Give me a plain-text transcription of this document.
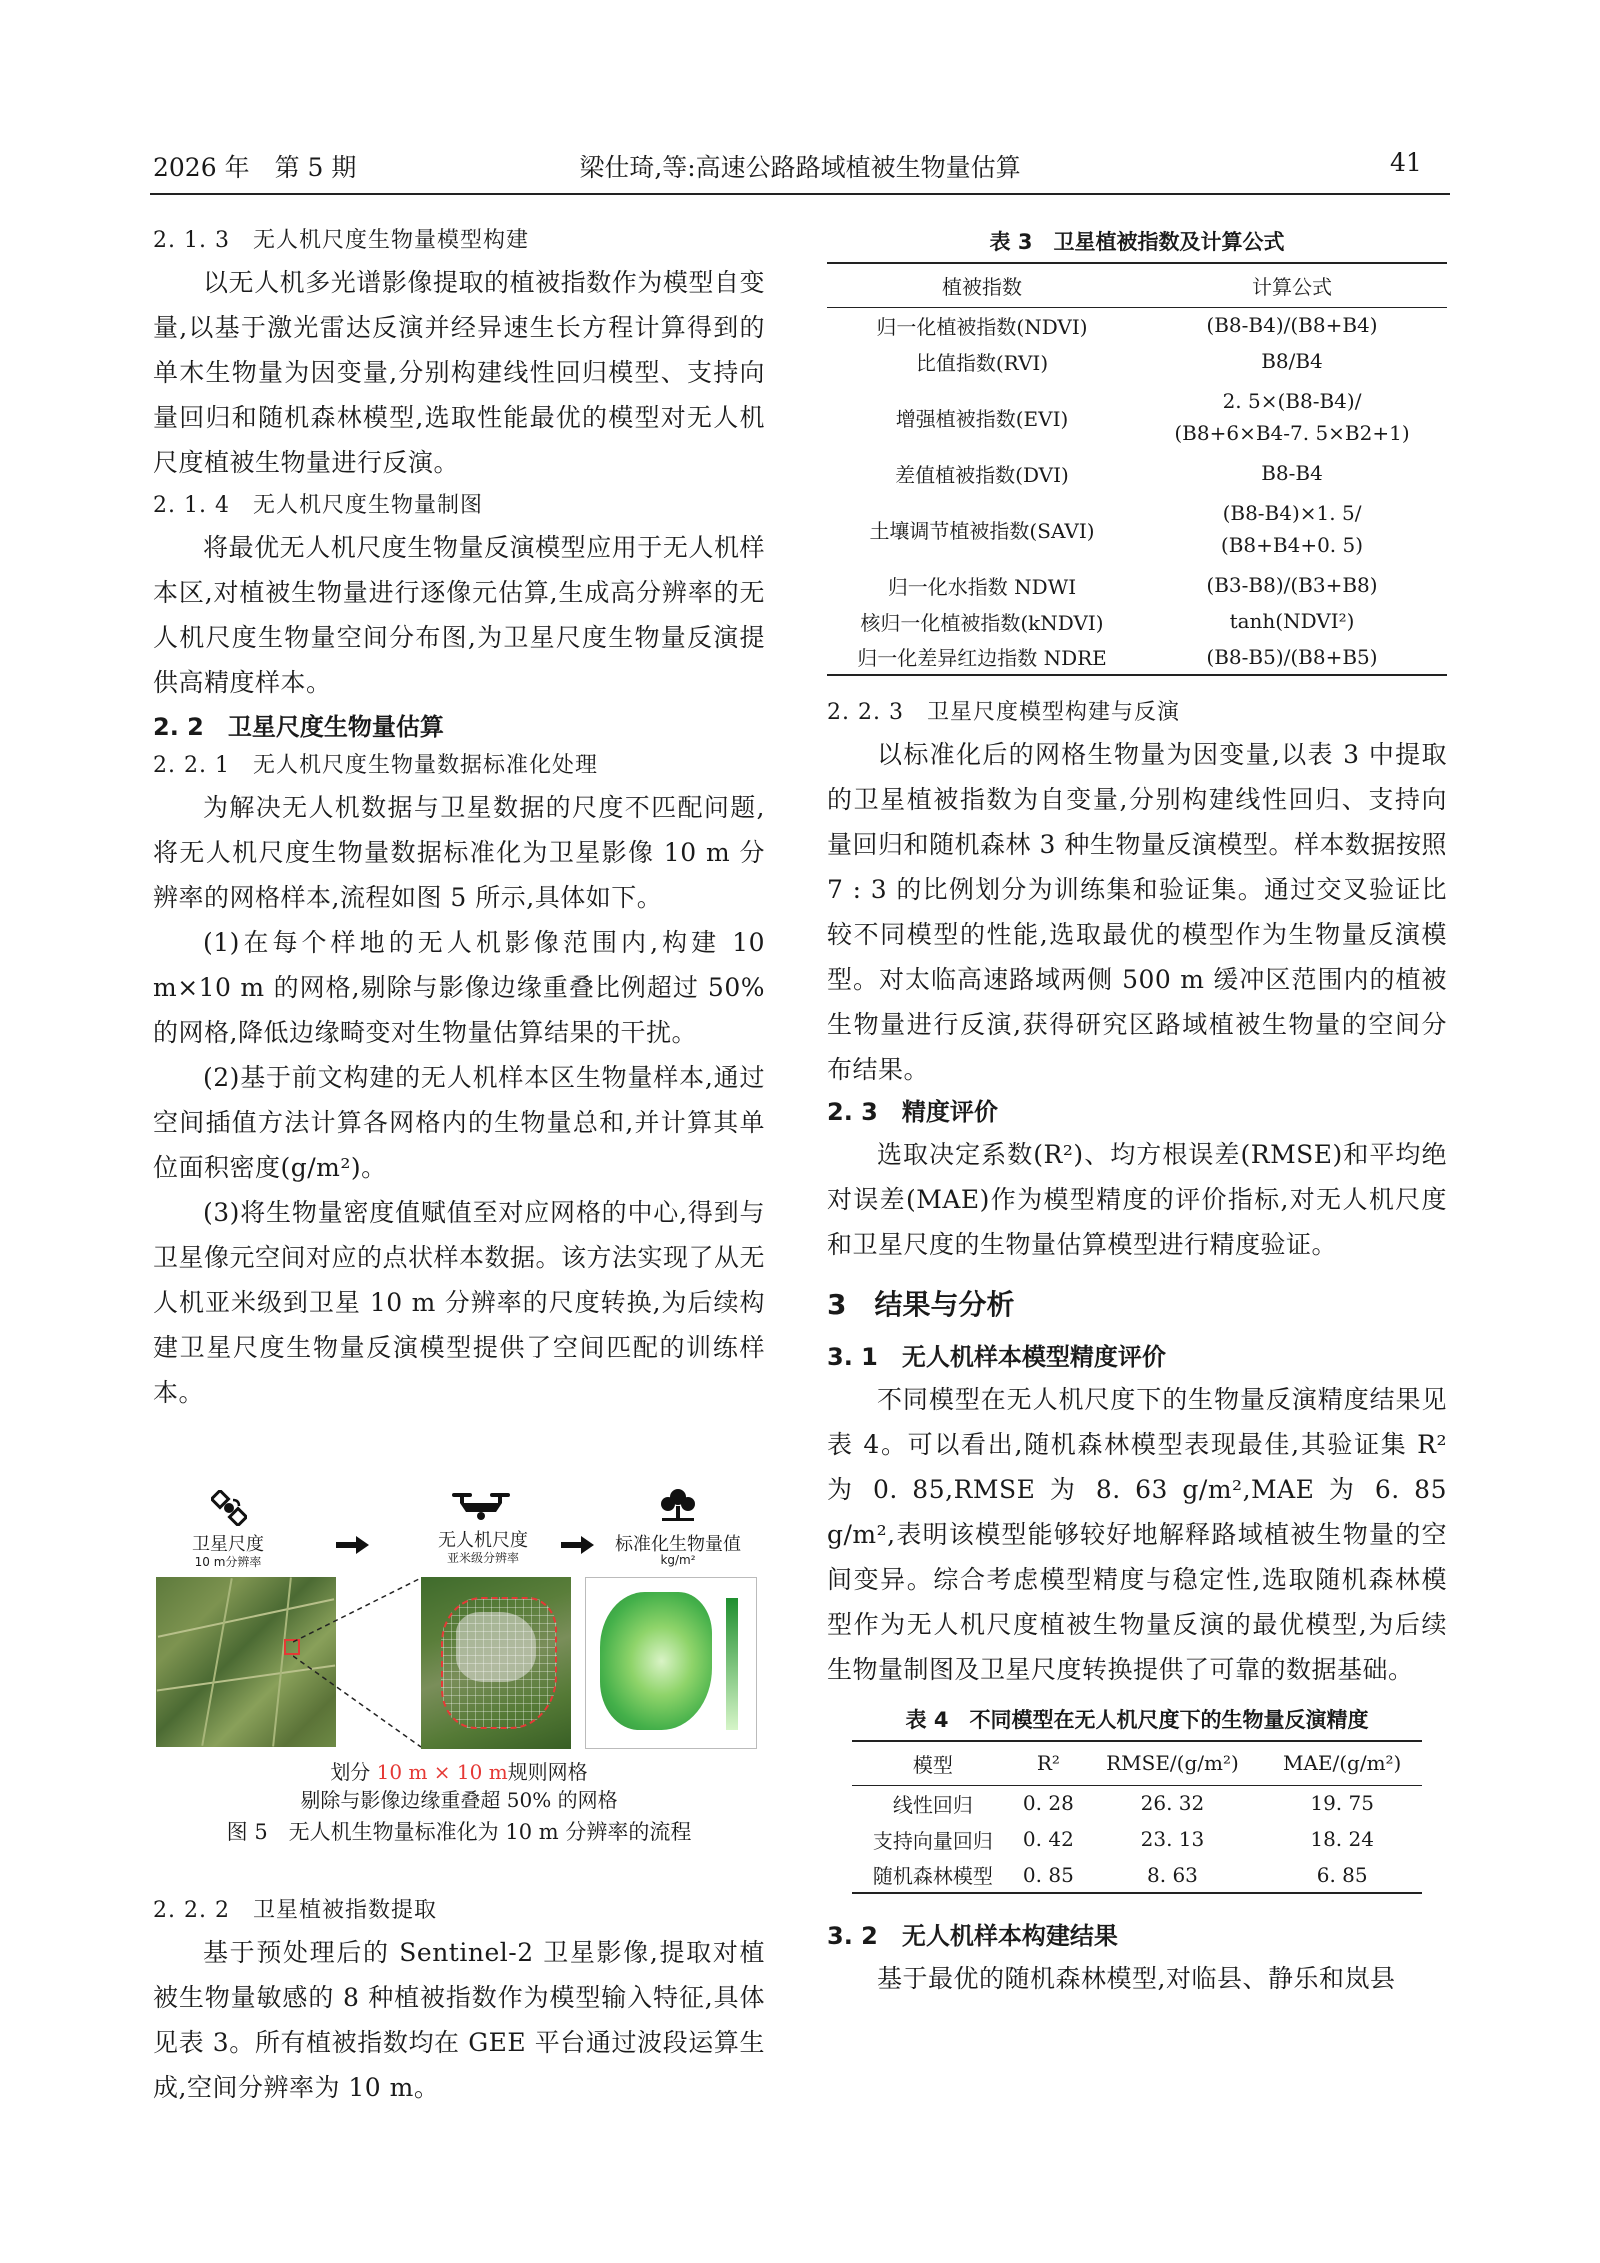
2026 年　第 5 期	梁仕琦,等:高速公路路域植被生物量估算	41
2. 1. 3　无人机尺度生物量模型构建

以无人机多光谱影像提取的植被指数作为模型自变量,以基于激光雷达反演并经异速生长方程计算得到的单木生物量为因变量,分别构建线性回归模型、支持向量回归和随机森林模型,选取性能最优的模型对无人机尺度植被生物量进行反演。

2. 1. 4　无人机尺度生物量制图

将最优无人机尺度生物量反演模型应用于无人机样本区,对植被生物量进行逐像元估算,生成高分辨率的无人机尺度生物量空间分布图,为卫星尺度生物量反演提供高精度样本。

2. 2　卫星尺度生物量估算
2. 2. 1　无人机尺度生物量数据标准化处理

为解决无人机数据与卫星数据的尺度不匹配问题,将无人机尺度生物量数据标准化为卫星影像 10 m 分辨率的网格样本,流程如图 5 所示,具体如下。

(1)在每个样地的无人机影像范围内,构建 10 m×10 m 的网格,剔除与影像边缘重叠比例超过 50%的网格,降低边缘畸变对生物量估算结果的干扰。

(2)基于前文构建的无人机样本区生物量样本,通过空间插值方法计算各网格内的生物量总和,并计算其单位面积密度(g/m²)。

(3)将生物量密度值赋值至对应网格的中心,得到与卫星像元空间对应的点状样本数据。该方法实现了从无人机亚米级到卫星 10 m 分辨率的尺度转换,为后续构建卫星尺度生物量反演模型提供了空间匹配的训练样本。

卫星尺度
10 m分辨率
无人机尺度
亚米级分辨率
标准化生物量值
kg/m²
划分 10 m × 10 m规则网格
剔除与影像边缘重叠超 50% 的网格
图 5　无人机生物量标准化为 10 m 分辨率的流程
2. 2. 2　卫星植被指数提取

基于预处理后的 Sentinel-2 卫星影像,提取对植被生物量敏感的 8 种植被指数作为模型输入特征,具体见表 3。所有植被指数均在 GEE 平台通过波段运算生成,空间分辨率为 10 m。

表 3　卫星植被指数及计算公式
植被指数	计算公式
归一化植被指数(NDVI)	(B8-B4)/(B8+B4)

比值指数(RVI)	B8/B4

增强植被指数(EVI)	2. 5×(B8-B4)/
(B8+6×B4-7. 5×B2+1)

差值植被指数(DVI)	B8-B4

土壤调节植被指数(SAVI)	(B8-B4)×1. 5/
(B8+B4+0. 5)

归一化水指数 NDWI	(B3-B8)/(B3+B8)

核归一化植被指数(kNDVI)	tanh(NDVI²)

归一化差异红边指数 NDRE	(B8-B5)/(B8+B5)
2. 2. 3　卫星尺度模型构建与反演

以标准化后的网格生物量为因变量,以表 3 中提取的卫星植被指数为自变量,分别构建线性回归、支持向量回归和随机森林 3 种生物量反演模型。样本数据按照 7 : 3 的比例划分为训练集和验证集。通过交叉验证比较不同模型的性能,选取最优的模型作为生物量反演模型。对太临高速路域两侧 500 m 缓冲区范围内的植被生物量进行反演,获得研究区路域植被生物量的空间分布结果。

2. 3　精度评价

选取决定系数(R²)、均方根误差(RMSE)和平均绝对误差(MAE)作为模型精度的评价指标,对无人机尺度和卫星尺度的生物量估算模型进行精度验证。

3　结果与分析
3. 1　无人机样本模型精度评价

不同模型在无人机尺度下的生物量反演精度结果见表 4。可以看出,随机森林模型表现最佳,其验证集 R² 为 0. 85,RMSE 为 8. 63 g/m²,MAE 为 6. 85 g/m²,表明该模型能够较好地解释路域植被生物量的空间变异。综合考虑模型精度与稳定性,选取随机森林模型作为无人机尺度植被生物量反演的最优模型,为后续生物量制图及卫星尺度转换提供了可靠的数据基础。

表 4　不同模型在无人机尺度下的生物量反演精度
模型	R²	RMSE/(g/m²)	MAE/(g/m²)
线性回归	0. 28	26. 32	19. 75
支持向量回归	0. 42	23. 13	18. 24
随机森林模型	0. 85	8. 63	6. 85
3. 2　无人机样本构建结果

基于最优的随机森林模型,对临县、静乐和岚县
